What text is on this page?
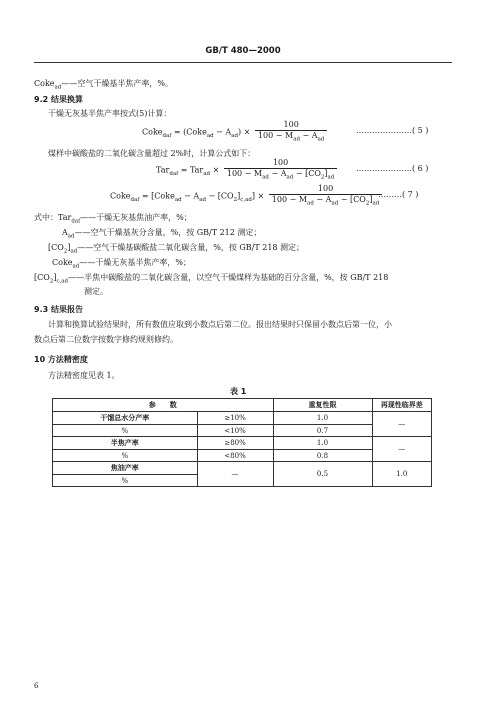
GB/T 480—2000
Coke$_{ad}$——空气干燥基半焦产率，%。
9.2 结果换算
干燥无灰基半焦产率按式(5)计算：
Coke$_{daf}$ = (Coke$_{ad}$ − $A_{ad}) \times \frac{100}{100 - M_{ad} - A_{ad}}$	…………………( 5 )
煤样中碳酸盐的二氧化碳含量超过 2%时，计算公式如下：
$Tar_{daf} = Tar_{ad} \times \frac{100}{100 - M_{ad} - A_{ad} - [CO_2]_{ad}}$ …………………( 6 )
Coke$_{daf}$ = [Coke$_{ad}$ − $A_{ad} - [CO_2]_{c,ad}] \times \frac{100}{100 - M_{ad} - A_{ad} - [CO_2]_{ad}}$
………( 7 )
式中：Tar$_{daf}$——干燥无灰基焦油产率，%；
$A_{ad}——$空气干燥基灰分含量，%，按 GB/T 212 测定；
$[CO_2]_{ad}——$空气干燥基碳酸盐二氧化碳含量，%，按 GB/T 218 测定；
Coke$_{ad}$——干燥无灰基半焦产率，%；
$[CO_2]_{c,ad}——$半焦中碳酸盐的二氧化碳含量，以空气干燥煤样为基础的百分含量，%，按 GB/T 218
测定。
9.3 结果报告
计算和换算试验结果时，所有数值应取到小数点后第二位。报出结果时只保留小数点后第一位，小
数点后第二位数字按数字修约规则修约。
10 方法精密度
方法精密度见表 1。
表 1
参　　数		重复性限	再现性临界差
干馏总水分产率	≥10%	1.0	—
%	<10%	0.7	
半焦产率	≥80%	1.0	—
%	<80%	0.8	
焦油产率	—	0.5	1.0
%			
6
